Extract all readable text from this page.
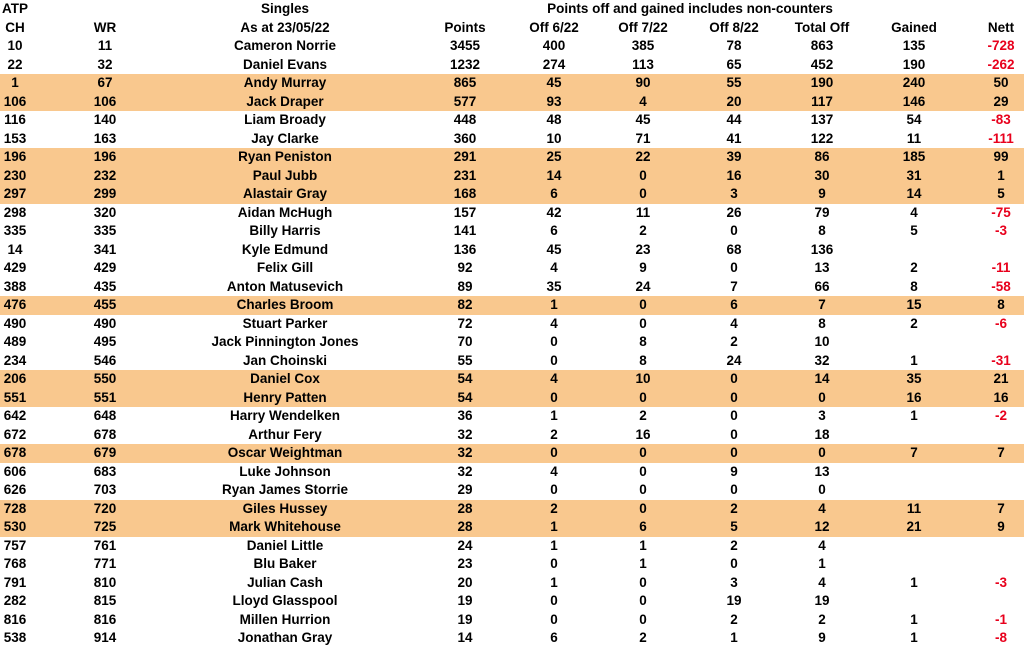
ATP	Singles	Points off and gained includes non-counters
CH	WR	As at 23/05/22	Points	Off 6/22	Off 7/22	Off 8/22	Total Off	Gained	Nett
10	11	Cameron Norrie	3455	400	385	78	863	135	-728
22	32	Daniel Evans	1232	274	113	65	452	190	-262
1	67	Andy Murray	865	45	90	55	190	240	50
106	106	Jack Draper	577	93	4	20	117	146	29
116	140	Liam Broady	448	48	45	44	137	54	-83
153	163	Jay Clarke	360	10	71	41	122	11	-111
196	196	Ryan Peniston	291	25	22	39	86	185	99
230	232	Paul Jubb	231	14	0	16	30	31	1
297	299	Alastair Gray	168	6	0	3	9	14	5
298	320	Aidan McHugh	157	42	11	26	79	4	-75
335	335	Billy Harris	141	6	2	0	8	5	-3
14	341	Kyle Edmund	136	45	23	68	136
429	429	Felix Gill	92	4	9	0	13	2	-11
388	435	Anton Matusevich	89	35	24	7	66	8	-58
476	455	Charles Broom	82	1	0	6	7	15	8
490	490	Stuart Parker	72	4	0	4	8	2	-6
489	495	Jack Pinnington Jones	70	0	8	2	10
234	546	Jan Choinski	55	0	8	24	32	1	-31
206	550	Daniel Cox	54	4	10	0	14	35	21
551	551	Henry Patten	54	0	0	0	0	16	16
642	648	Harry Wendelken	36	1	2	0	3	1	-2
672	678	Arthur Fery	32	2	16	0	18
678	679	Oscar Weightman	32	0	0	0	0	7	7
606	683	Luke Johnson	32	4	0	9	13
626	703	Ryan James Storrie	29	0	0	0	0
728	720	Giles Hussey	28	2	0	2	4	11	7
530	725	Mark Whitehouse	28	1	6	5	12	21	9
757	761	Daniel Little	24	1	1	2	4
768	771	Blu Baker	23	0	1	0	1
791	810	Julian Cash	20	1	0	3	4	1	-3
282	815	Lloyd Glasspool	19	0	0	19	19
816	816	Millen Hurrion	19	0	0	2	2	1	-1
538	914	Jonathan Gray	14	6	2	1	9	1	-8
